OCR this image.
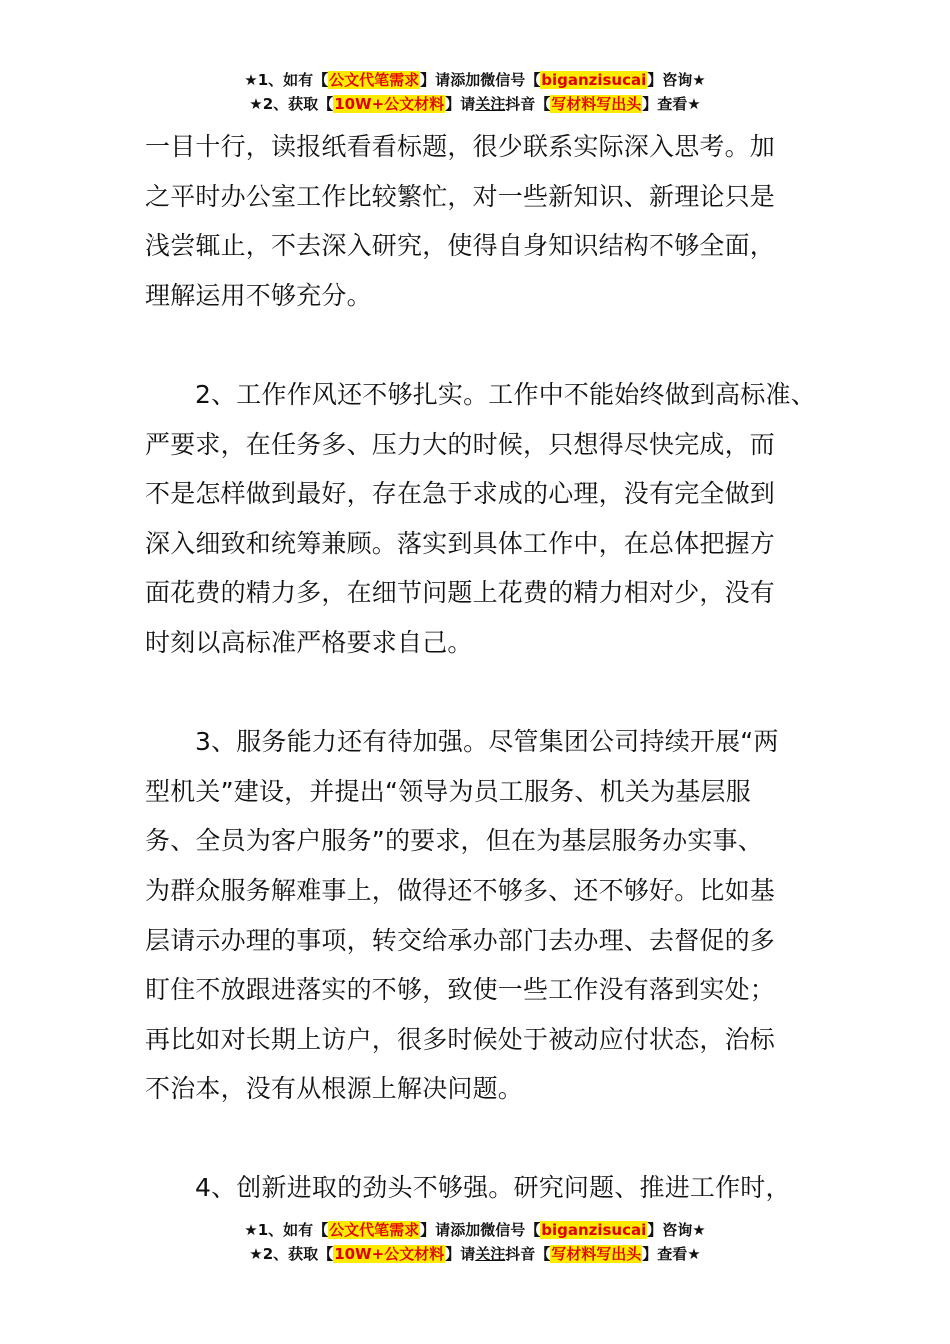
★1、如有【公文代笔需求】请添加微信号【biganzisucai】咨询★
★2、获取【10W+公文材料】请关注抖音【写材料写出头】查看★
一目十行，读报纸看看标题，很少联系实际深入思考。加
之平时办公室工作比较繁忙，对一些新知识、新理论只是
浅尝辄止，不去深入研究，使得自身知识结构不够全面，
理解运用不够充分。
2、工作作风还不够扎实。工作中不能始终做到高标准、
严要求，在任务多、压力大的时候，只想得尽快完成，而
不是怎样做到最好，存在急于求成的心理，没有完全做到
深入细致和统筹兼顾。落实到具体工作中，在总体把握方
面花费的精力多，在细节问题上花费的精力相对少，没有
时刻以高标准严格要求自己。
3、服务能力还有待加强。尽管集团公司持续开展“两
型机关”建设，并提出“领导为员工服务、机关为基层服
务、全员为客户服务”的要求，但在为基层服务办实事、
为群众服务解难事上，做得还不够多、还不够好。比如基
层请示办理的事项，转交给承办部门去办理、去督促的多
盯住不放跟进落实的不够，致使一些工作没有落到实处；
再比如对长期上访户，很多时候处于被动应付状态，治标
不治本，没有从根源上解决问题。
4、创新进取的劲头不够强。研究问题、推进工作时，
★1、如有【公文代笔需求】请添加微信号【biganzisucai】咨询★
★2、获取【10W+公文材料】请关注抖音【写材料写出头】查看★
